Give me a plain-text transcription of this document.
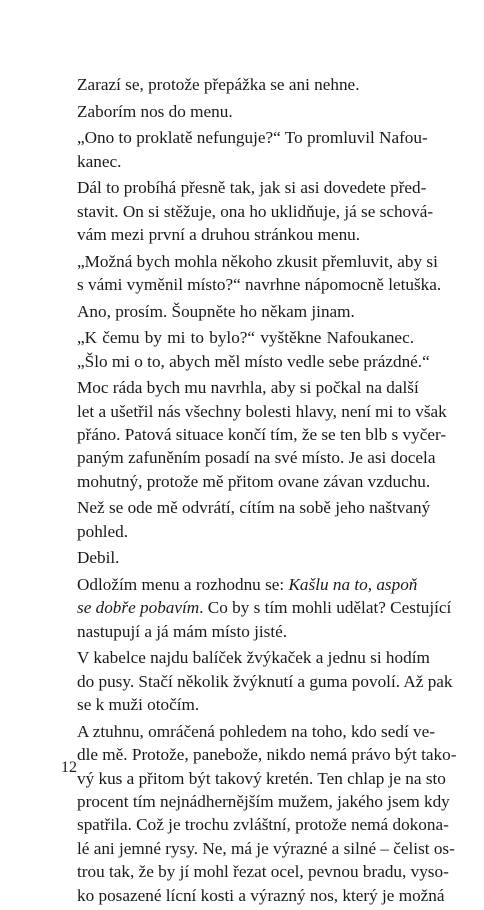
Zarazí se, protože přepážka se ani nehne.

Zaborím nos do menu.

„Ono to proklatě nefunguje?“ To promluvil Nafou-
kanec.

Dál to probíhá přesně tak, jak si asi dovedete před-
stavit. On si stěžuje, ona ho uklidňuje, já se schová-
vám mezi první a druhou stránkou menu.

„Možná bych mohla někoho zkusit přemluvit, aby si
s vámi vyměnil místo?“ navrhne nápomocně letuška.

Ano, prosím. Šoupněte ho někam jinam.

„K čemu by mi to bylo?“ vyštěkne Nafoukanec.
„Šlo mi o to, abych měl místo vedle sebe prázdné.“

Moc ráda bych mu navrhla, aby si počkal na další
let a ušetřil nás všechny bolesti hlavy, není mi to však
přáno. Patová situace končí tím, že se ten blb s vyčer-
paným zafuněním posadí na své místo. Je asi docela
mohutný, protože mě přitom ovane závan vzduchu.

Než se ode mě odvrátí, cítím na sobě jeho naštvaný
pohled.

Debil.

Odložím menu a rozhodnu se: Kašlu na to, aspoň
se dobře pobavím. Co by s tím mohli udělat? Cestující
nastupují a já mám místo jisté.

V kabelce najdu balíček žvýkaček a jednu si hodím
do pusy. Stačí několik žvýknutí a guma povolí. Až pak
se k muži otočím.

A ztuhnu, omráčená pohledem na toho, kdo sedí ve-
dle mě. Protože, panebože, nikdo nemá právo být tako-
vý kus a přitom být takový kretén. Ten chlap je na sto
procent tím nejnádhernějším mužem, jakého jsem kdy
spatřila. Což je trochu zvláštní, protože nemá dokona-
lé ani jemné rysy. Ne, má je výrazné a silné – čelist os-
trou tak, že by jí mohl řezat ocel, pevnou bradu, vyso-
ko posazené lícní kosti a výrazný nos, který je možná

12
